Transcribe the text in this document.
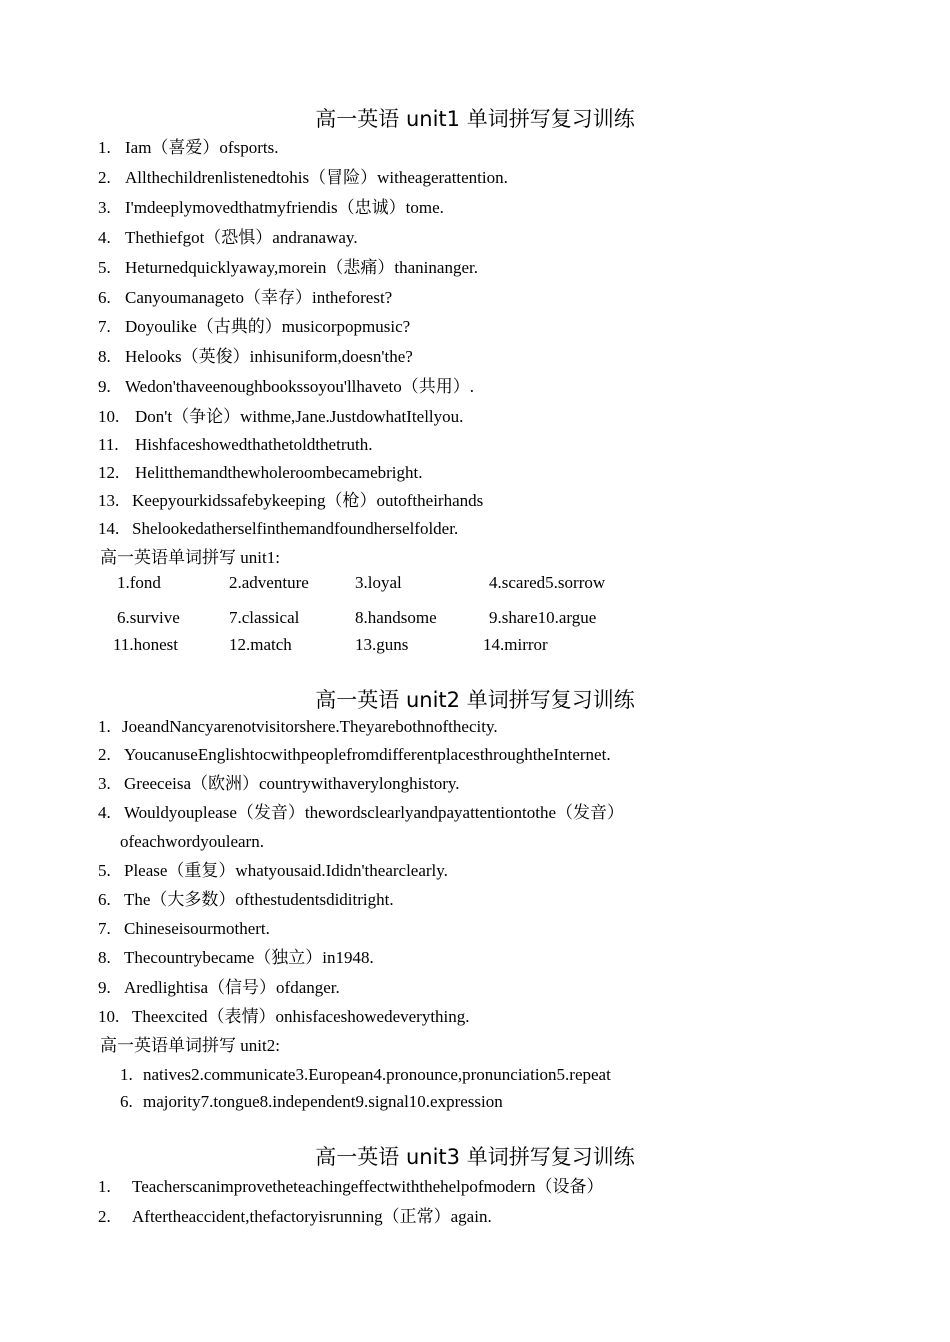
高一英语 unit1 单词拼写复习训练
1. Iam（喜爱）ofsports.
2. Allthechildrenlistenedtohis（冒险）witheagerattention.
3. I'mdeeplymovedthatmyfriendis（忠诚）tome.
4. Thethiefgot（恐惧）andranaway.
5. Heturnedquicklyaway,morein（悲痛）thaninanger.
6. Canyoumanageto（幸存）intheforest?
7. Doyoulike（古典的）musicorpopmusic?
8. Helooks（英俊）inhisuniform,doesn'the?
9. Wedon'thaveenoughbookssoyou'llhaveto（共用）.
10. Don't（争论）withme,Jane.JustdowhatItellyou.
11. Hishfaceshowedthathetoldthetruth.
12. Helitthemandthewholeroombecamebright.
13. Keepyourkidssafebykeeping（枪）outoftheirhands
14. Shelookedatherselfinthemandfoundherselfolder.
高一英语单词拼写 unit1:
1.fond	2.adventure	3.loyal	4.scared5.sorrow
6.survive	7.classical	8.handsome	9.share10.argue
11.honest	12.match	13.guns	14.mirror
高一英语 unit2 单词拼写复习训练
1. JoeandNancyarenotvisitorshere.Theyarebothnofthecity.
2. YoucanuseEnglishtocwithpeoplefromdifferentplacesthroughtheInternet.
3. Greeceisa（欧洲）countrywithaverylonghistory.
4. Wouldyouplease（发音）thewordsclearlyandpayattentiontothe（发音）
ofeachwordyoulearn.
5. Please（重复）whatyousaid.Ididn'thearclearly.
6. The（大多数）ofthestudentsdiditright.
7. Chineseisourmothert.
8. Thecountrybecame（独立）in1948.
9. Aredlightisa（信号）ofdanger.
10. Theexcited（表情）onhisfaceshowedeverything.
高一英语单词拼写 unit2:
1. natives2.communicate3.European4.pronounce,pronunciation5.repeat
6. majority7.tongue8.independent9.signal10.expression
高一英语 unit3 单词拼写复习训练
1. Teacherscanimprovetheteachingeffectwiththehelpofmodern（设备）
2. Aftertheaccident,thefactoryisrunning（正常）again.
